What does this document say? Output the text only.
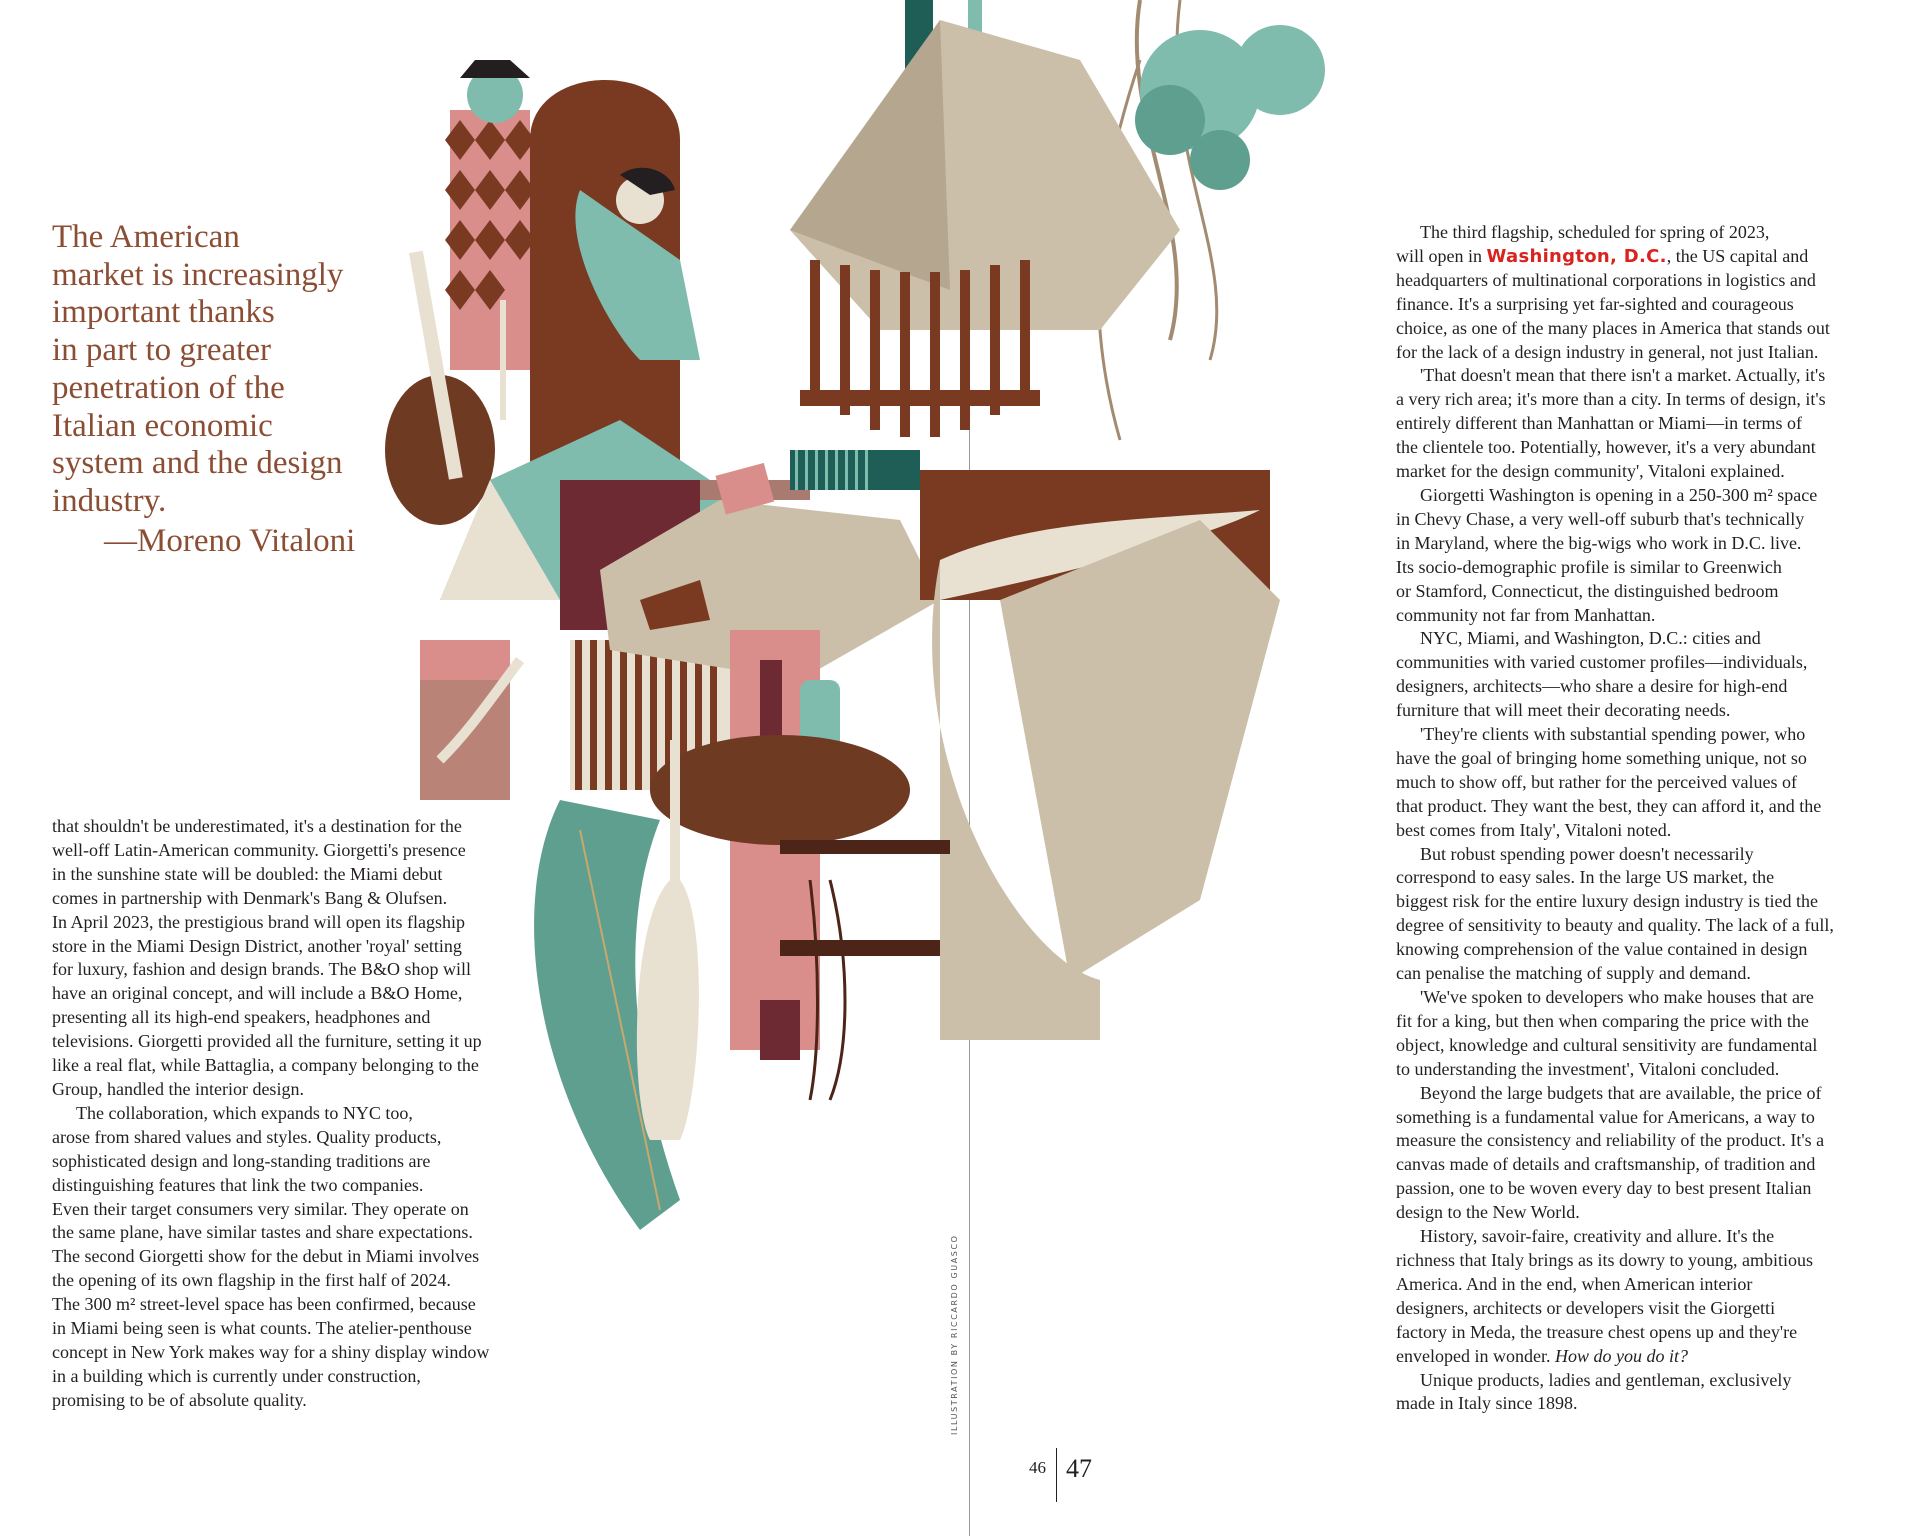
The American
market is increasingly
important thanks
in part to greater
penetration of the
Italian economic
system and the design
industry.

—Moreno Vitaloni

that shouldn't be underestimated, it's a destination for the
well-off Latin-American community. Giorgetti's presence
in the sunshine state will be doubled: the Miami debut
comes in partnership with Denmark's Bang & Olufsen.
In April 2023, the prestigious brand will open its flagship
store in the Miami Design District, another 'royal' setting
for luxury, fashion and design brands. The B&O shop will
have an original concept, and will include a B&O Home,
presenting all its high-end speakers, headphones and
televisions. Giorgetti provided all the furniture, setting it up
like a real flat, while Battaglia, a company belonging to the
Group, handled the interior design.

The collaboration, which expands to NYC too,
arose from shared values and styles. Quality products,
sophisticated design and long-standing traditions are
distinguishing features that link the two companies.
Even their target consumers very similar. They operate on
the same plane, have similar tastes and share expectations.
The second Giorgetti show for the debut in Miami involves
the opening of its own flagship in the first half of 2024.
The 300 m² street-level space has been confirmed, because
in Miami being seen is what counts. The atelier-penthouse
concept in New York makes way for a shiny display window
in a building which is currently under construction,
promising to be of absolute quality.

The third flagship, scheduled for spring of 2023,
will open in Washington, D.C., the US capital and
headquarters of multinational corporations in logistics and
finance. It's a surprising yet far-sighted and courageous
choice, as one of the many places in America that stands out
for the lack of a design industry in general, not just Italian.

'That doesn't mean that there isn't a market. Actually, it's
a very rich area; it's more than a city. In terms of design, it's
entirely different than Manhattan or Miami—in terms of
the clientele too. Potentially, however, it's a very abundant
market for the design community', Vitaloni explained.

Giorgetti Washington is opening in a 250-300 m² space
in Chevy Chase, a very well-off suburb that's technically
in Maryland, where the big-wigs who work in D.C. live.
Its socio-demographic profile is similar to Greenwich
or Stamford, Connecticut, the distinguished bedroom
community not far from Manhattan.

NYC, Miami, and Washington, D.C.: cities and
communities with varied customer profiles—individuals,
designers, architects—who share a desire for high-end
furniture that will meet their decorating needs.

'They're clients with substantial spending power, who
have the goal of bringing home something unique, not so
much to show off, but rather for the perceived values of
that product. They want the best, they can afford it, and the
best comes from Italy', Vitaloni noted.

But robust spending power doesn't necessarily
correspond to easy sales. In the large US market, the
biggest risk for the entire luxury design industry is tied the
degree of sensitivity to beauty and quality. The lack of a full,
knowing comprehension of the value contained in design
can penalise the matching of supply and demand.

'We've spoken to developers who make houses that are
fit for a king, but then when comparing the price with the
object, knowledge and cultural sensitivity are fundamental
to understanding the investment', Vitaloni concluded.

Beyond the large budgets that are available, the price of
something is a fundamental value for Americans, a way to
measure the consistency and reliability of the product. It's a
canvas made of details and craftsmanship, of tradition and
passion, one to be woven every day to best present Italian
design to the New World.

History, savoir-faire, creativity and allure. It's the
richness that Italy brings as its dowry to young, ambitious
America. And in the end, when American interior
designers, architects or developers visit the Giorgetti
factory in Meda, the treasure chest opens up and they're
enveloped in wonder. How do you do it?

Unique products, ladies and gentleman, exclusively
made in Italy since 1898.

ILLUSTRATION BY RICCARDO GUASCO
46 47
